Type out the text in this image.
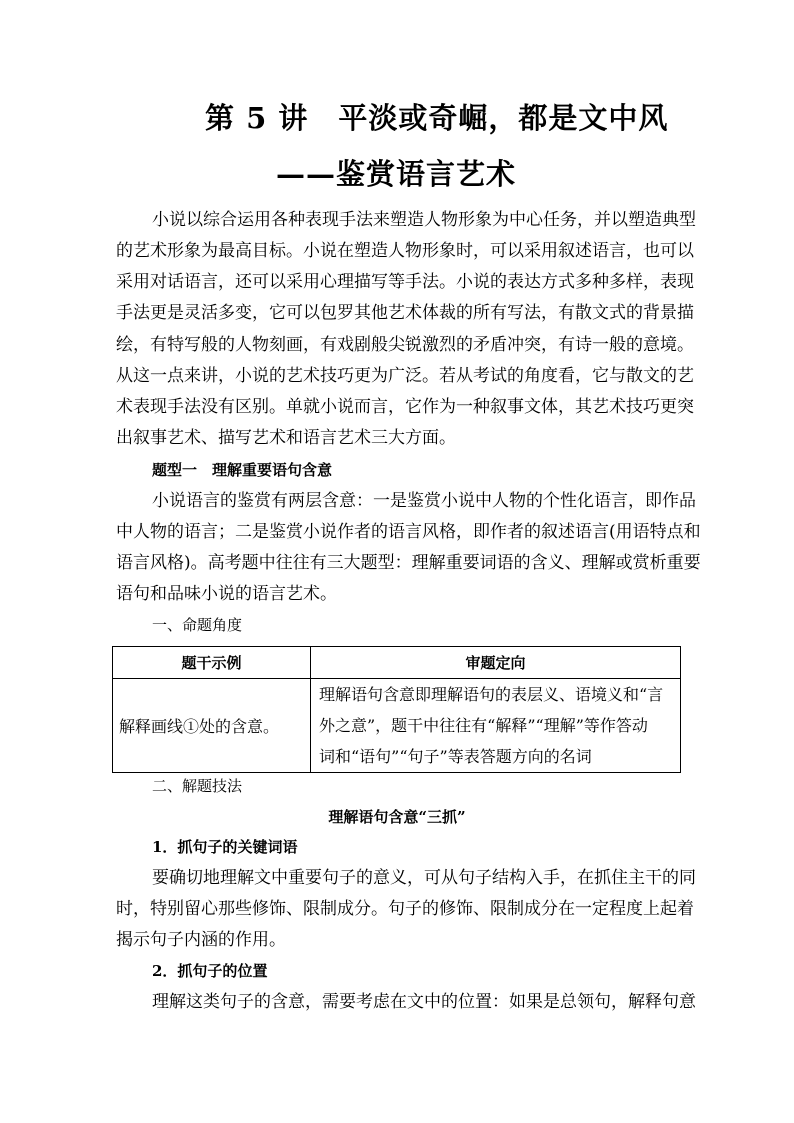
第 5 讲　平淡或奇崛，都是文中风
——鉴赏语言艺术
小说以综合运用各种表现手法来塑造人物形象为中心任务，并以塑造典型
的艺术形象为最高目标。小说在塑造人物形象时，可以采用叙述语言，也可以
采用对话语言，还可以采用心理描写等手法。小说的表达方式多种多样，表现
手法更是灵活多变，它可以包罗其他艺术体裁的所有写法，有散文式的背景描
绘，有特写般的人物刻画，有戏剧般尖锐激烈的矛盾冲突，有诗一般的意境。
从这一点来讲，小说的艺术技巧更为广泛。若从考试的角度看，它与散文的艺
术表现手法没有区别。单就小说而言，它作为一种叙事文体，其艺术技巧更突
出叙事艺术、描写艺术和语言艺术三大方面。
题型一　理解重要语句含意
小说语言的鉴赏有两层含意：一是鉴赏小说中人物的个性化语言，即作品
中人物的语言；二是鉴赏小说作者的语言风格，即作者的叙述语言(用语特点和
语言风格)。高考题中往往有三大题型：理解重要词语的含义、理解或赏析重要
语句和品味小说的语言艺术。
一、命题角度
题干示例	审题定向
解释画线①处的含意。	理解语句含意即理解语句的表层义、语境义和“言
外之意”，题干中往往有“解释”“理解”等作答动
词和“语句”“句子”等表答题方向的名词
二、解题技法
理解语句含意“三抓”
1．抓句子的关键词语
要确切地理解文中重要句子的意义，可从句子结构入手，在抓住主干的同
时，特别留心那些修饰、限制成分。句子的修饰、限制成分在一定程度上起着
揭示句子内涵的作用。
2．抓句子的位置
理解这类句子的含意，需要考虑在文中的位置：如果是总领句，解释句意
